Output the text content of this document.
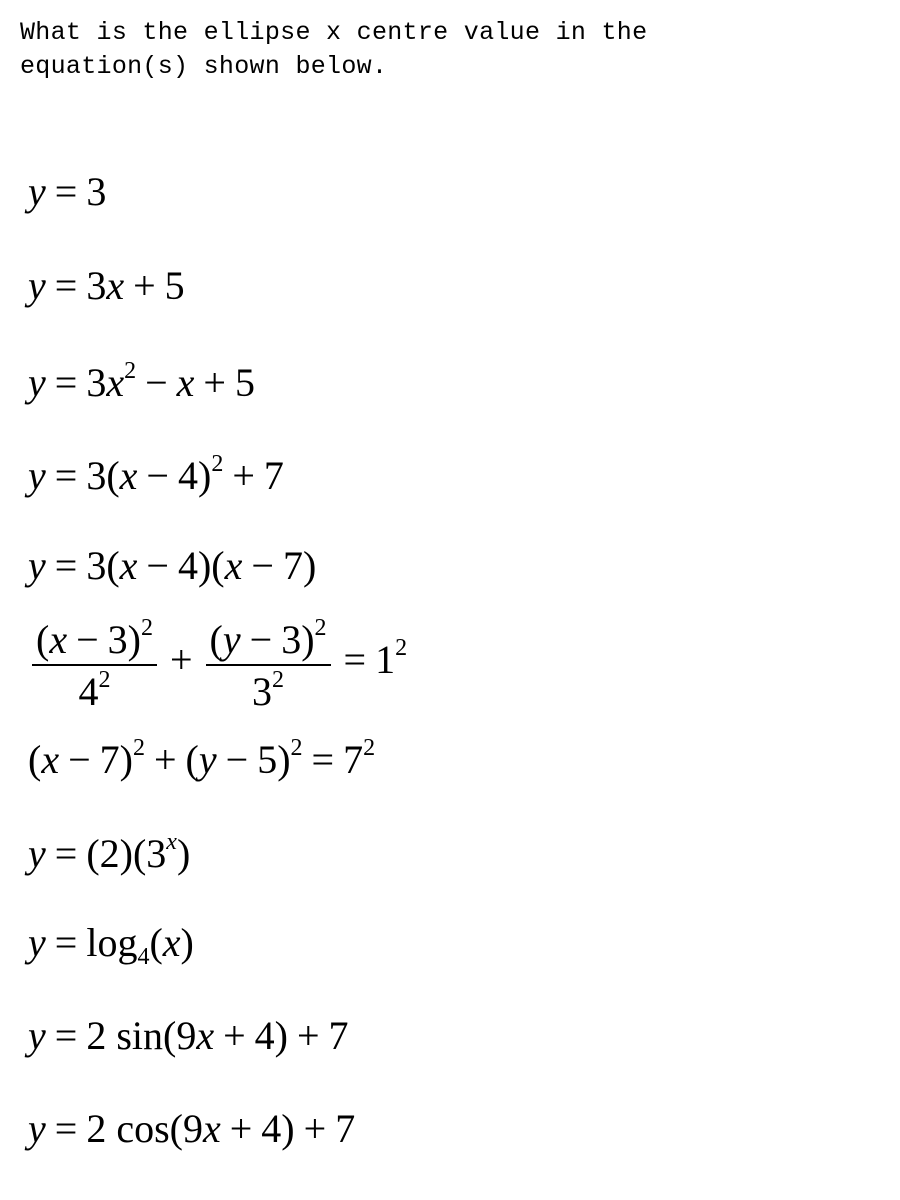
What is the ellipse x centre value in the
equation(s) shown below.
y = 3
y = 3x + 5
$y = 3x^2 - x + 5$
$y = 3(x - 4)^2 + 7$
y = 3(x − 4)(x − 7)
$\frac{(x - 3)^2}{4^2} + \frac{(y - 3)^2}{3^2} = 1^2$
$(x - 7)^2 + (y - 5)^2 = 7^2$
$y = (2)(3^x)$
$y = \log_4(x)$
y = 2 sin(9x + 4) + 7
y = 2 cos(9x + 4) + 7
